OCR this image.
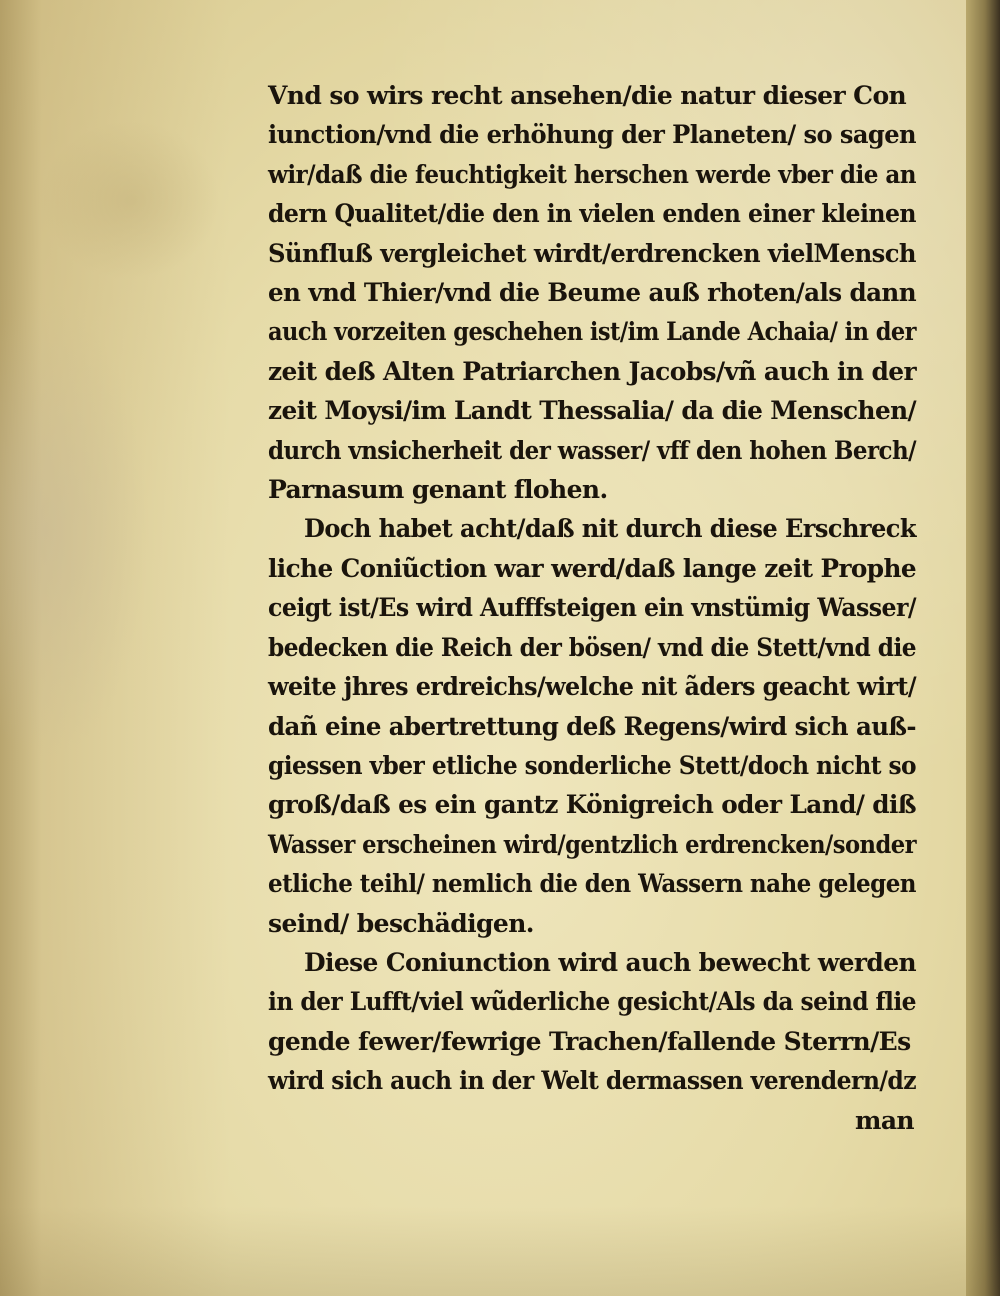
Vnd so wirs recht ansehen/die natur dieser Con
iunction/vnd die erhöhung der Planeten/ so sagen
wir/daß die feuchtigkeit herschen werde vber die an
dern Qualitet/die den in vielen enden einer kleinen
Sünfluß vergleichet wirdt/erdrencken vielMensch
en vnd Thier/vnd die Beume auß rhoten/als dann
auch vorzeiten geschehen ist/im Lande Achaia/ in der
zeit deß Alten Patriarchen Jacobs/vñ auch in der
zeit Moysi/im Landt Thessalia/ da die Menschen/
durch vnsicherheit der wasser/ vff den hohen Berch/
Parnasum genant flohen.
Doch habet acht/daß nit durch diese Erschreck
liche Coniũction war werd/daß lange zeit Prophe
ceigt ist/Es wird Aufffsteigen ein vnstümig Wasser/
bedecken die Reich der bösen/ vnd die Stett/vnd die
weite jhres erdreichs/welche nit ãders geacht wirt/
dañ eine abertrettung deß Regens/wird sich auß-
giessen vber etliche sonderliche Stett/doch nicht so
groß/daß es ein gantz Königreich oder Land/ diß
Wasser erscheinen wird/gentzlich erdrencken/sonder
etliche teihl/ nemlich die den Wassern nahe gelegen
seind/ beschädigen.
Diese Coniunction wird auch bewecht werden
in der Lufft/viel wũderliche gesicht/Als da seind flie
gende fewer/fewrige Trachen/fallende Sterrn/Es
wird sich auch in der Welt dermassen verendern/dz
man
